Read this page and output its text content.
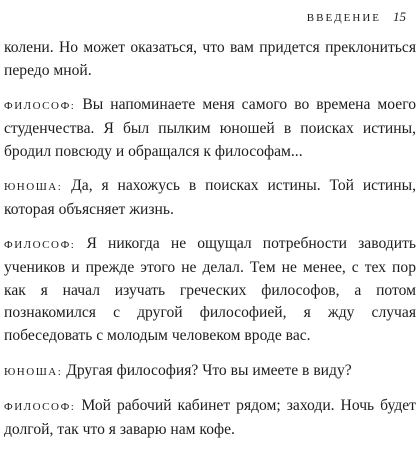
ВВЕДЕНИЕ 15

колени. Но может оказаться, что вам придется преклониться передо мной.

ФИЛОСОФ: Вы напоминаете меня самого во времена моего студенчества. Я был пылким юношей в поисках истины, бродил повсюду и обращался к философам...

ЮНОША: Да, я нахожусь в поисках истины. Той истины, которая объясняет жизнь.

ФИЛОСОФ: Я никогда не ощущал потребности заводить учеников и прежде этого не делал. Тем не менее, с тех пор как я начал изучать греческих философов, а потом познакомился с другой философией, я жду случая побеседовать с молодым человеком вроде вас.

ЮНОША: Другая философия? Что вы имеете в виду?

ФИЛОСОФ: Мой рабочий кабинет рядом; заходи. Ночь будет долгой, так что я заварю нам кофе.
